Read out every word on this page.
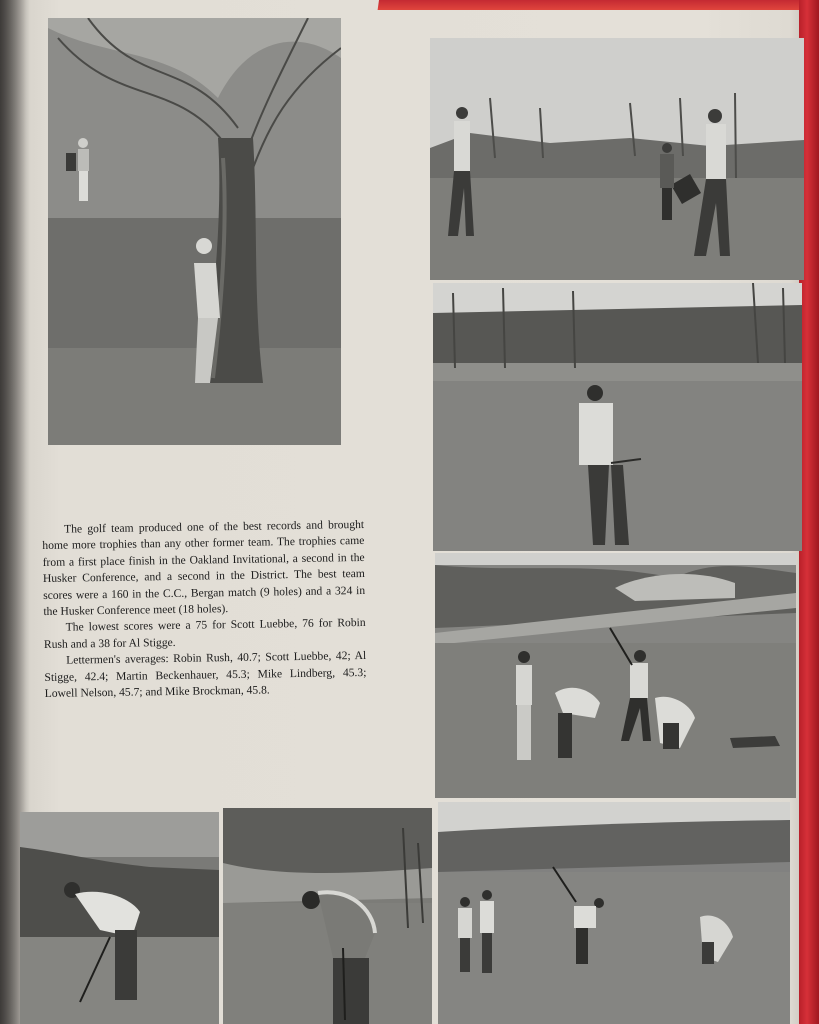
The golf team produced one of the best records and brought home more trophies than any other former team. The trophies came from a first place finish in the Oakland Invitational, a second in the Husker Conference, and a second in the District. The best team scores were a 160 in the C.C., Bergan match (9 holes) and a 324 in the Husker Conference meet (18 holes).

The lowest scores were a 75 for Scott Luebbe, 76 for Robin Rush and a 38 for Al Stigge.

Lettermen's averages: Robin Rush, 40.7; Scott Luebbe, 42; Al Stigge, 42.4; Martin Beckenhauer, 45.3; Mike Lindberg, 45.3; Lowell Nelson, 45.7; and Mike Brockman, 45.8.
